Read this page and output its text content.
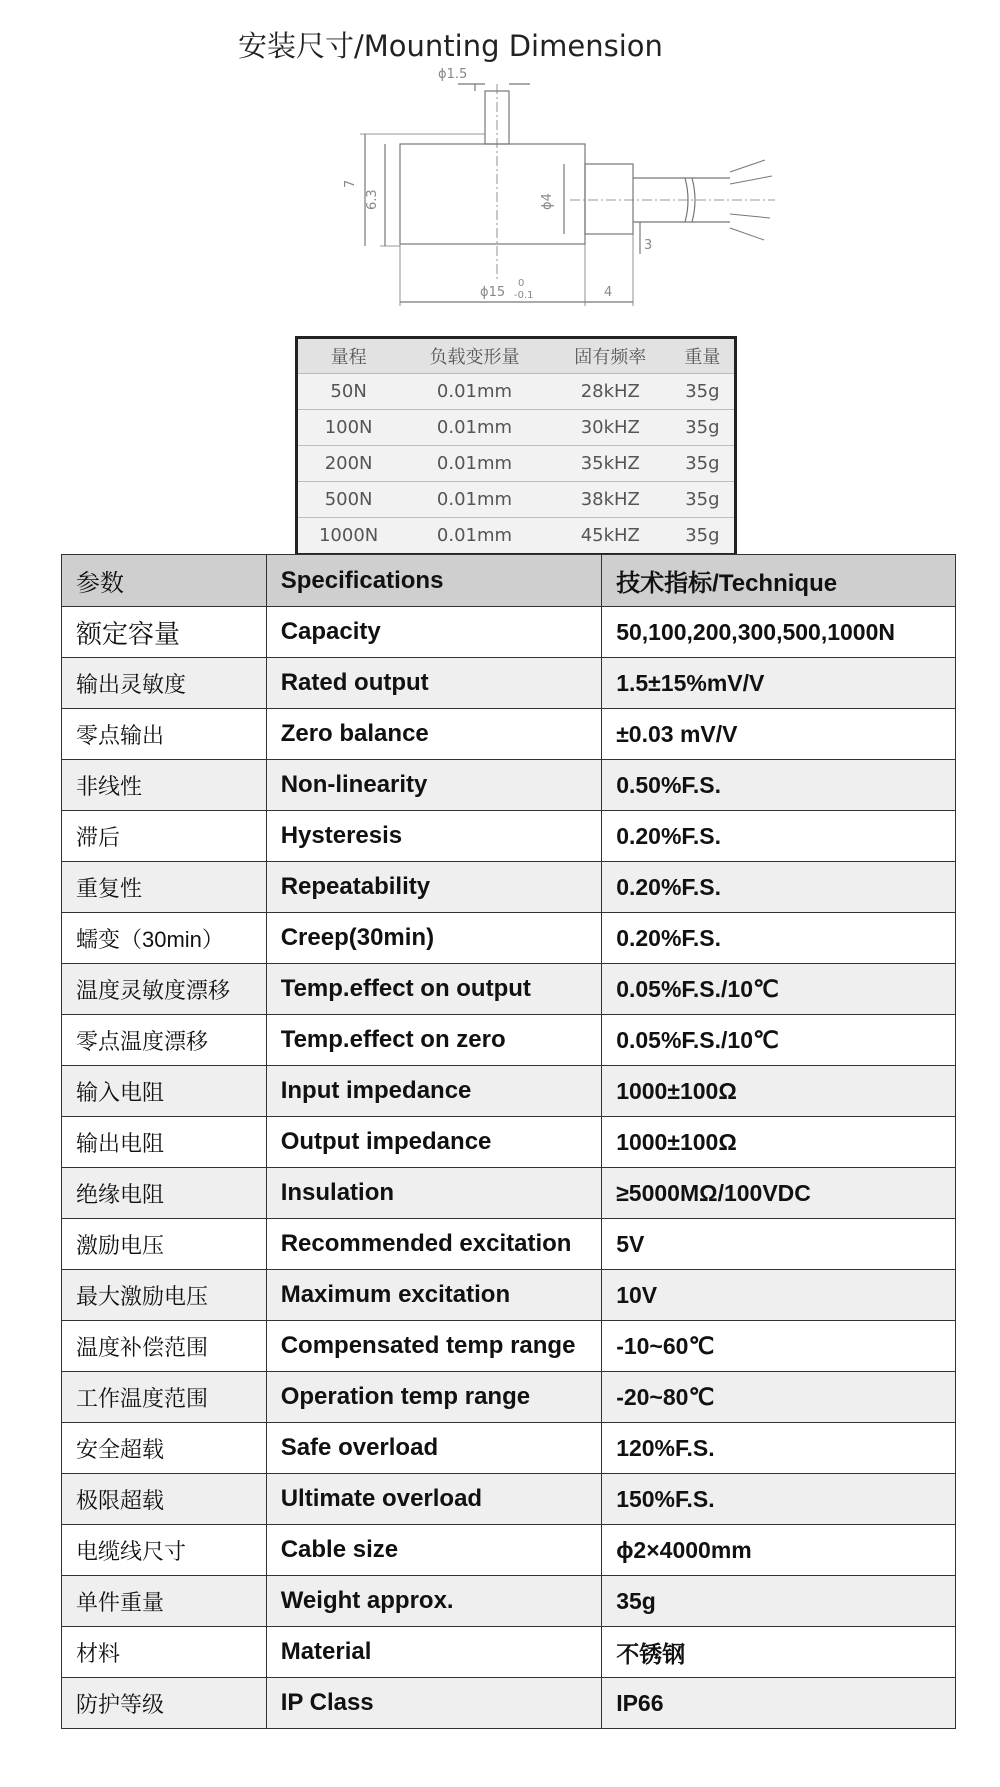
安装尺寸/Mounting Dimension
ϕ1.5
7
6.3	ϕ4
3
ϕ15
0
-0.1	4
量程	负载变形量	固有频率	重量
50N	0.01mm	28kHZ	35g
100N	0.01mm	30kHZ	35g
200N	0.01mm	35kHZ	35g
500N	0.01mm	38kHZ	35g
1000N	0.01mm	45kHZ	35g
参数	Specifications	技术指标/Technique
额定容量	Capacity	50,100,200,300,500,1000N
输出灵敏度	Rated output	1.5±15%mV/V
零点输出	Zero balance	±0.03 mV/V
非线性	Non-linearity	0.50%F.S.
滞后	Hysteresis	0.20%F.S.
重复性	Repeatability	0.20%F.S.
蠕变（30min）	Creep(30min)	0.20%F.S.
温度灵敏度漂移	Temp.effect on output	0.05%F.S./10℃
零点温度漂移	Temp.effect on zero	0.05%F.S./10℃
输入电阻	Input impedance	1000±100Ω
输出电阻	Output impedance	1000±100Ω
绝缘电阻	Insulation	≥5000MΩ/100VDC
激励电压	Recommended excitation	5V
最大激励电压	Maximum excitation	10V
温度补偿范围	Compensated temp range	-10~60℃
工作温度范围	Operation temp range	-20~80℃
安全超载	Safe overload	120%F.S.
极限超载	Ultimate overload	150%F.S.
电缆线尺寸	Cable size	ϕ2×4000mm
单件重量	Weight approx.	35g
材料	Material	不锈钢
防护等级	IP Class	IP66
